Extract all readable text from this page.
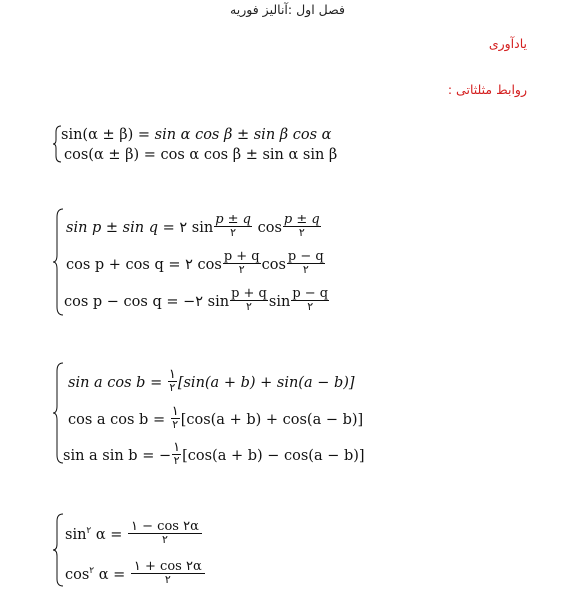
فصل اول :آنالیز فوریه
یادآوری
روابط مثلثاتی :
sin(α ± β) = sin α cos β ± sin β cos α
cos(α ± β) = cos α cos β ± sin α sin β
sin p ± sin q = ۲ $\sin \frac{p \pm q}{۲}$ $\cos \frac{p \pm q}{۲}$
cos p + cos q = ۲ $\cos \frac{p + q}{۲}$ $\cos \frac{p - q}{۲}$
cos p − cos q = −۲ $\sin \frac{p + q}{۲}$ $\sin \frac{p - q}{۲}$
sin a $\cos b = \frac{۱}{۲} [\sin(a + b) + \sin(a - b)]$
cos a $\cos b = \frac{۱}{۲} [\cos(a + b) + \cos(a - b)]$
sin a sin b = − $\frac{۱}{۲} [\cos(a + b) - \cos(a - b)]$
$\sin^۲ \alpha = \frac{۱ - \cos ۲\alpha}{۲}$
$\cos^۲ \alpha = \frac{۱ + \cos ۲\alpha}{۲}$
